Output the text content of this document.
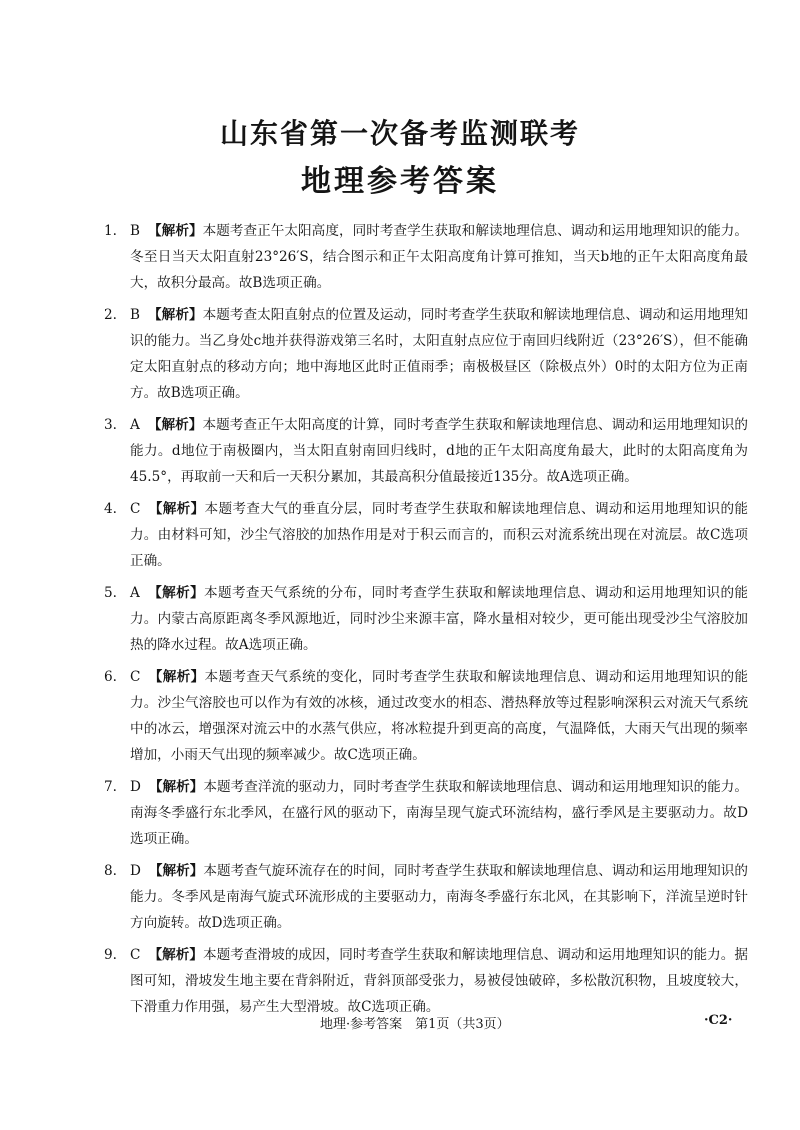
山东省第一次备考监测联考
地理参考答案
1. B 【解析】本题考查正午太阳高度，同时考查学生获取和解读地理信息、调动和运用地理知识的能力。冬至日当天太阳直射23°26′S，结合图示和正午太阳高度角计算可推知，当天b地的正午太阳高度角最大，故积分最高。故B选项正确。
2. B 【解析】本题考查太阳直射点的位置及运动，同时考查学生获取和解读地理信息、调动和运用地理知识的能力。当乙身处c地并获得游戏第三名时，太阳直射点应位于南回归线附近（23°26′S），但不能确定太阳直射点的移动方向；地中海地区此时正值雨季；南极极昼区（除极点外）0时的太阳方位为正南方。故B选项正确。
3. A 【解析】本题考查正午太阳高度的计算，同时考查学生获取和解读地理信息、调动和运用地理知识的能力。d地位于南极圈内，当太阳直射南回归线时，d地的正午太阳高度角最大，此时的太阳高度角为45.5°，再取前一天和后一天积分累加，其最高积分值最接近135分。故A选项正确。
4. C 【解析】本题考查大气的垂直分层，同时考查学生获取和解读地理信息、调动和运用地理知识的能力。由材料可知，沙尘气溶胶的加热作用是对于积云而言的，而积云对流系统出现在对流层。故C选项正确。
5. A 【解析】本题考查天气系统的分布，同时考查学生获取和解读地理信息、调动和运用地理知识的能力。内蒙古高原距离冬季风源地近，同时沙尘来源丰富，降水量相对较少，更可能出现受沙尘气溶胶加热的降水过程。故A选项正确。
6. C 【解析】本题考查天气系统的变化，同时考查学生获取和解读地理信息、调动和运用地理知识的能力。沙尘气溶胶也可以作为有效的冰核，通过改变水的相态、潜热释放等过程影响深积云对流天气系统中的冰云，增强深对流云中的水蒸气供应，将冰粒提升到更高的高度，气温降低，大雨天气出现的频率增加，小雨天气出现的频率减少。故C选项正确。
7. D 【解析】本题考查洋流的驱动力，同时考查学生获取和解读地理信息、调动和运用地理知识的能力。南海冬季盛行东北季风，在盛行风的驱动下，南海呈现气旋式环流结构，盛行季风是主要驱动力。故D选项正确。
8. D 【解析】本题考查气旋环流存在的时间，同时考查学生获取和解读地理信息、调动和运用地理知识的能力。冬季风是南海气旋式环流形成的主要驱动力，南海冬季盛行东北风，在其影响下，洋流呈逆时针方向旋转。故D选项正确。
9. C 【解析】本题考查滑坡的成因，同时考查学生获取和解读地理信息、调动和运用地理知识的能力。据图可知，滑坡发生地主要在背斜附近，背斜顶部受张力，易被侵蚀破碎，多松散沉积物，且坡度较大，下滑重力作用强，易产生大型滑坡。故C选项正确。
地理·参考答案　第1页（共3页）	·C2·
